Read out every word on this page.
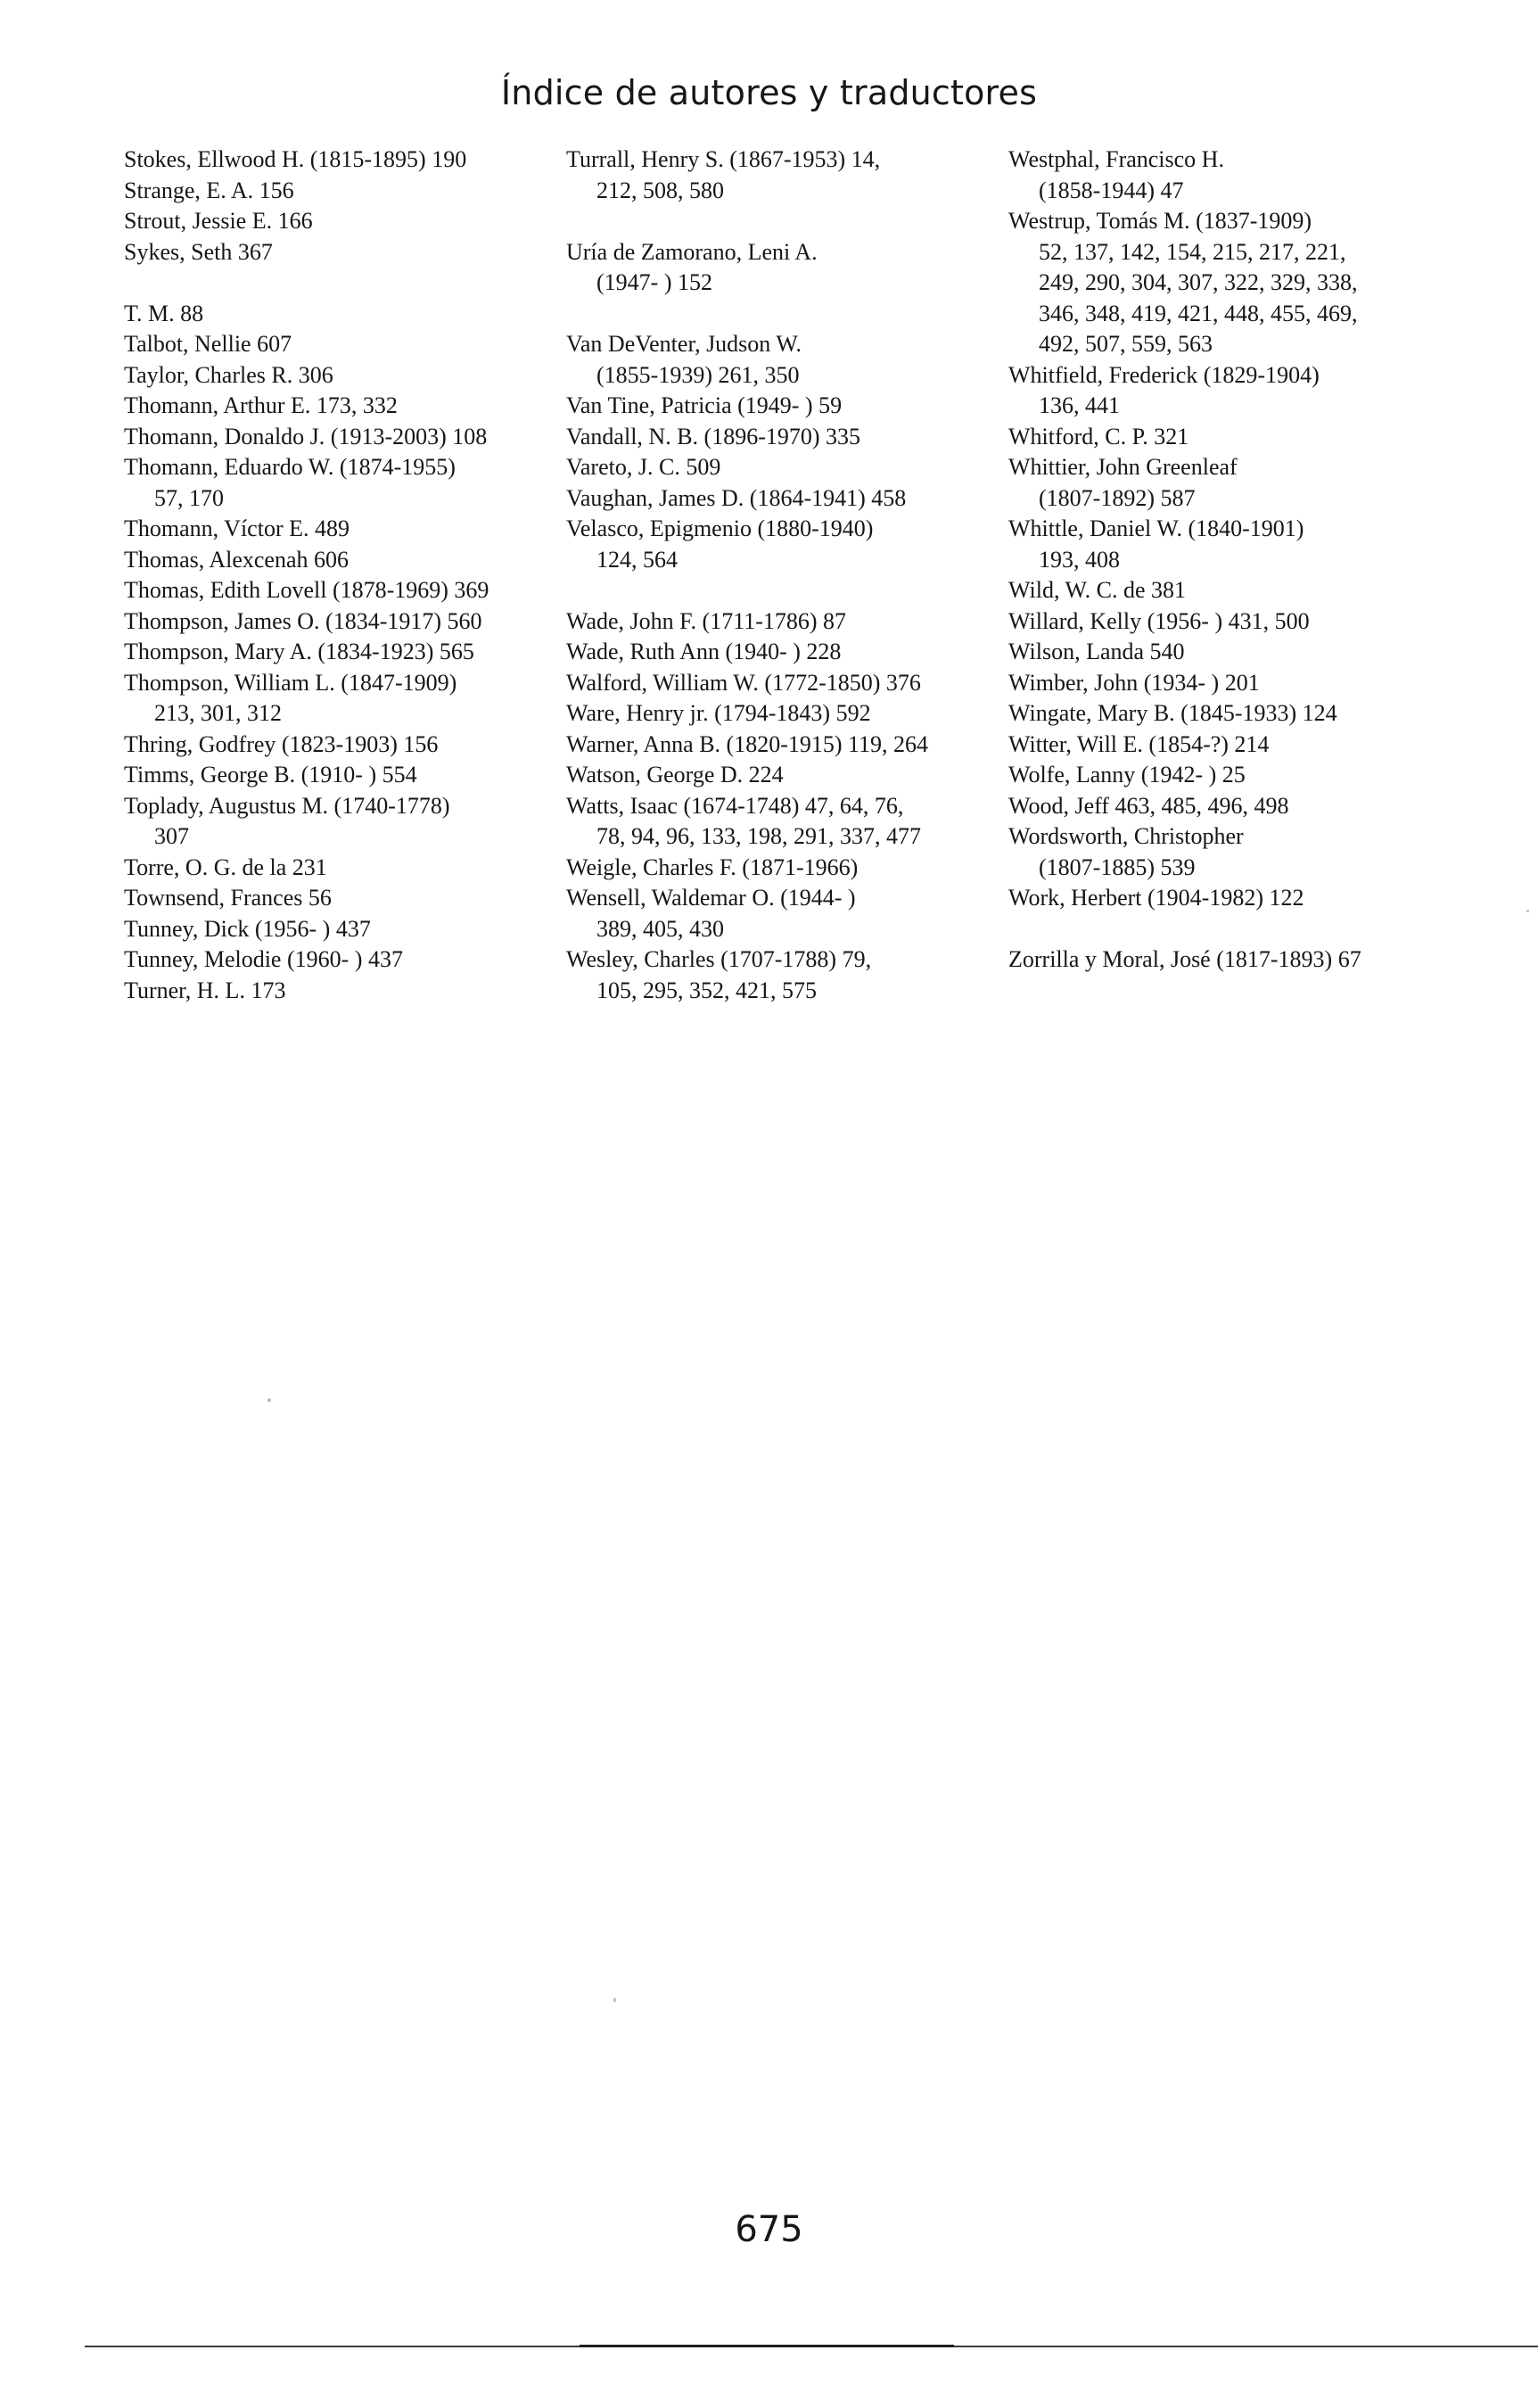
Índice de autores y traductores
Stokes, Ellwood H. (1815-1895) 190
Strange, E. A. 156
Strout, Jessie E. 166
Sykes, Seth 367
T. M. 88
Talbot, Nellie 607
Taylor, Charles R. 306
Thomann, Arthur E. 173, 332
Thomann, Donaldo J. (1913-2003) 108
Thomann, Eduardo W. (1874-1955)
57, 170
Thomann, Víctor E. 489
Thomas, Alexcenah 606
Thomas, Edith Lovell (1878-1969) 369
Thompson, James O. (1834-1917) 560
Thompson, Mary A. (1834-1923) 565
Thompson, William L. (1847-1909)
213, 301, 312
Thring, Godfrey (1823-1903) 156
Timms, George B. (1910- ) 554
Toplady, Augustus M. (1740-1778)
307
Torre, O. G. de la 231
Townsend, Frances 56
Tunney, Dick (1956- ) 437
Tunney, Melodie (1960- ) 437
Turner, H. L. 173
Turrall, Henry S. (1867-1953) 14,
212, 508, 580
Uría de Zamorano, Leni A.
(1947- ) 152
Van DeVenter, Judson W.
(1855-1939) 261, 350
Van Tine, Patricia (1949- ) 59
Vandall, N. B. (1896-1970) 335
Vareto, J. C. 509
Vaughan, James D. (1864-1941) 458
Velasco, Epigmenio (1880-1940)
124, 564
Wade, John F. (1711-1786) 87
Wade, Ruth Ann (1940- ) 228
Walford, William W. (1772-1850) 376
Ware, Henry jr. (1794-1843) 592
Warner, Anna B. (1820-1915) 119, 264
Watson, George D. 224
Watts, Isaac (1674-1748) 47, 64, 76,
78, 94, 96, 133, 198, 291, 337, 477
Weigle, Charles F. (1871-1966)
Wensell, Waldemar O. (1944- )
389, 405, 430
Wesley, Charles (1707-1788) 79,
105, 295, 352, 421, 575
Westphal, Francisco H.
(1858-1944) 47
Westrup, Tomás M. (1837-1909)
52, 137, 142, 154, 215, 217, 221,
249, 290, 304, 307, 322, 329, 338,
346, 348, 419, 421, 448, 455, 469,
492, 507, 559, 563
Whitfield, Frederick (1829-1904)
136, 441
Whitford, C. P. 321
Whittier, John Greenleaf
(1807-1892) 587
Whittle, Daniel W. (1840-1901)
193, 408
Wild, W. C. de 381
Willard, Kelly (1956- ) 431, 500
Wilson, Landa 540
Wimber, John (1934- ) 201
Wingate, Mary B. (1845-1933) 124
Witter, Will E. (1854-?) 214
Wolfe, Lanny (1942- ) 25
Wood, Jeff 463, 485, 496, 498
Wordsworth, Christopher
(1807-1885) 539
Work, Herbert (1904-1982) 122
Zorrilla y Moral, José (1817-1893) 67
675
